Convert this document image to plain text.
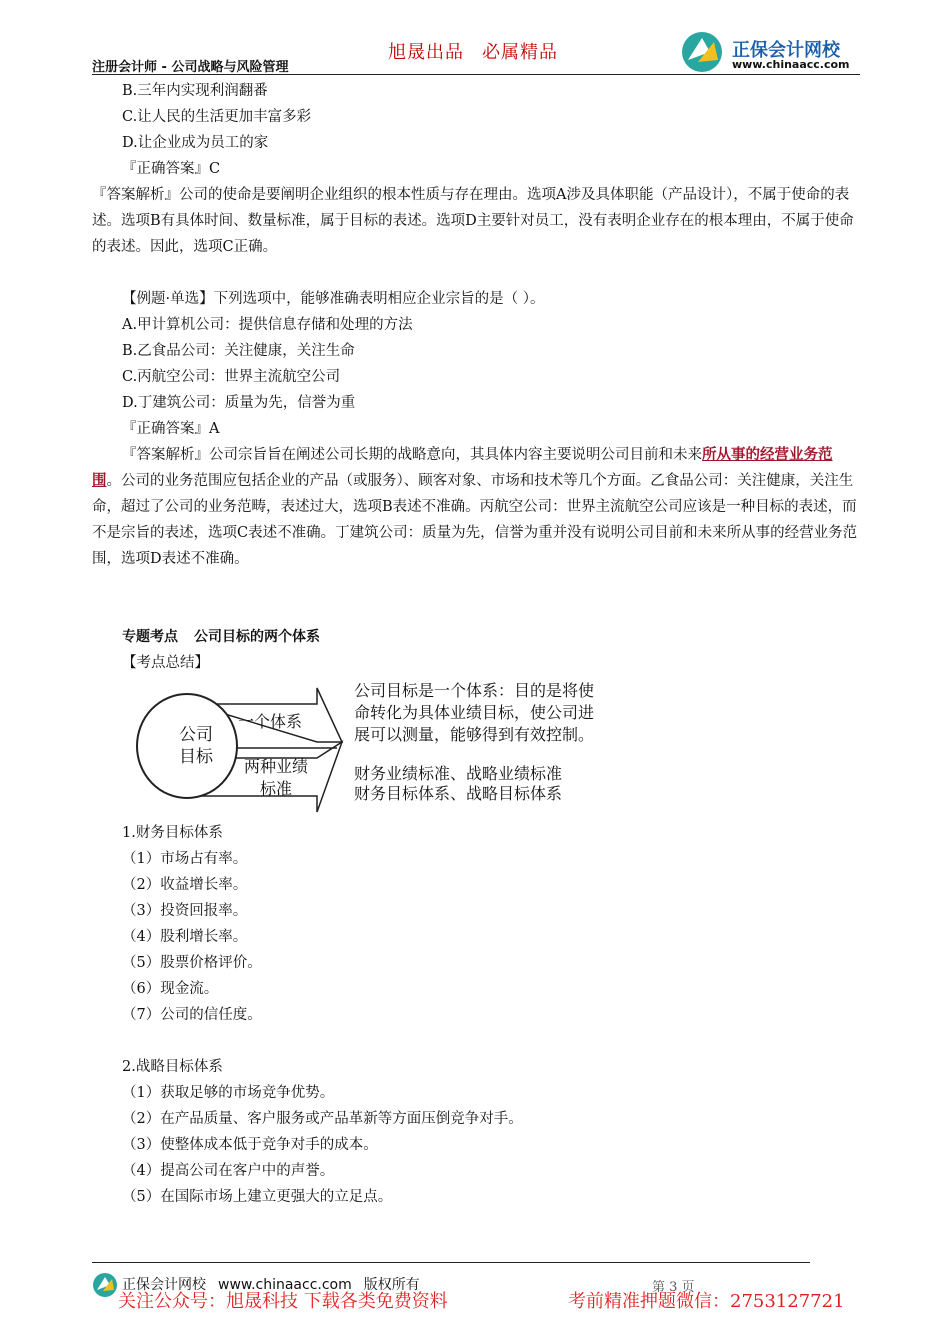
注册会计师 - 公司战略与风险管理
旭晟出品 必属精品	正保会计网校
www.chinaacc.com

B.三年内实现利润翻番

C.让人民的生活更加丰富多彩

D.让企业成为员工的家

『正确答案』C

『答案解析』公司的使命是要阐明企业组织的根本性质与存在理由。选项A涉及具体职能（产品设计），不属于使命的表述。选项B有具体时间、数量标准，属于目标的表述。选项D主要针对员工，没有表明企业存在的根本理由，不属于使命的表述。因此，选项C正确。

【例题·单选】下列选项中，能够准确表明相应企业宗旨的是（ ）。

A.甲计算机公司：提供信息存储和处理的方法

B.乙食品公司：关注健康，关注生命

C.丙航空公司：世界主流航空公司

D.丁建筑公司：质量为先，信誉为重

『正确答案』A

『答案解析』公司宗旨旨在阐述公司长期的战略意向，其具体内容主要说明公司目前和未来所从事的经营业务范围。公司的业务范围应包括企业的产品（或服务）、顾客对象、市场和技术等几个方面。乙食品公司：关注健康，关注生命，超过了公司的业务范畴，表述过大，选项B表述不准确。丙航空公司：世界主流航空公司应该是一种目标的表述，而不是宗旨的表述，选项C表述不准确。丁建筑公司：质量为先，信誉为重并没有说明公司目前和未来所从事的经营业务范围，选项D表述不准确。

专题考点 公司目标的两个体系

【考点总结】

公司
目标
一个体系
两种业绩
标准
公司目标是一个体系：目的是将使
命转化为具体业绩目标，使公司进
展可以测量，能够得到有效控制。
财务业绩标准、战略业绩标准
财务目标体系、战略目标体系

1.财务目标体系

（1）市场占有率。

（2）收益增长率。

（3）投资回报率。

（4）股利增长率。

（5）股票价格评价。

（6）现金流。

（7）公司的信任度。

2.战略目标体系

（1）获取足够的市场竞争优势。

（2）在产品质量、客户服务或产品革新等方面压倒竞争对手。

（3）使整体成本低于竞争对手的成本。

（4）提高公司在客户中的声誉。

（5）在国际市场上建立更强大的立足点。

正保会计网校 www.chinaacc.com 版权所有	第 3 页
关注公众号：旭晟科技 下载各类免费资料	考前精准押题微信：2753127721
